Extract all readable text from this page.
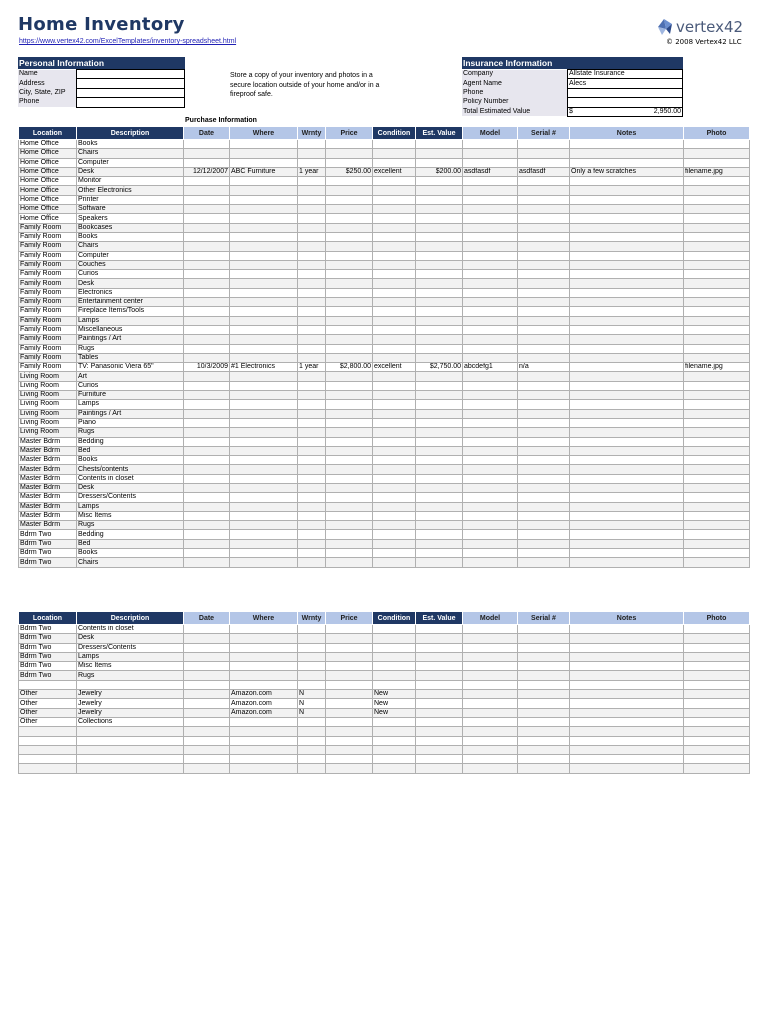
Home Inventory
https://www.vertex42.com/ExcelTemplates/inventory-spreadsheet.html
vertex42
© 2008 Vertex42 LLC
Personal Information	
Name	
Address	
City, State, ZIP	
Phone	
Store a copy of your inventory and photos in a secure location outside of your home and/or in a fireproof safe.
Insurance Information		
Company	Allstate Insurance	
Agent Name	Alecs	
Phone		
Policy Number		
Total Estimated Value	$	2,950.00
Purchase Information
Location	Description	Date	Where	Wrnty	Price	Condition	Est. Value	Model	Serial #	Notes	Photo
Home Office	Books										
Home Office	Chairs										
Home Office	Computer										
Home Office	Desk	12/12/2007	ABC Furniture	1 year	$250.00	excellent	$200.00	asdfasdf	asdfasdf	Only a few scratches	filename.jpg
Home Office	Monitor										
Home Office	Other Electronics										
Home Office	Printer										
Home Office	Software										
Home Office	Speakers										
Family Room	Bookcases										
Family Room	Books										
Family Room	Chairs										
Family Room	Computer										
Family Room	Couches										
Family Room	Curios										
Family Room	Desk										
Family Room	Electronics										
Family Room	Entertainment center										
Family Room	Fireplace Items/Tools										
Family Room	Lamps										
Family Room	Miscellaneous										
Family Room	Paintings / Art										
Family Room	Rugs										
Family Room	Tables										
Family Room	TV: Panasonic Viera 65"	10/3/2009	#1 Electronics	1 year	$2,800.00	excellent	$2,750.00	abcdefg1	n/a		filename.jpg
Living Room	Art										
Living Room	Curios										
Living Room	Furniture										
Living Room	Lamps										
Living Room	Paintings / Art										
Living Room	Piano										
Living Room	Rugs										
Master Bdrm	Bedding										
Master Bdrm	Bed										
Master Bdrm	Books										
Master Bdrm	Chests/contents										
Master Bdrm	Contents in closet										
Master Bdrm	Desk										
Master Bdrm	Dressers/Contents										
Master Bdrm	Lamps										
Master Bdrm	Misc Items										
Master Bdrm	Rugs										
Bdrm Two	Bedding										
Bdrm Two	Bed										
Bdrm Two	Books										
Bdrm Two	Chairs										
Location	Description	Date	Where	Wrnty	Price	Condition	Est. Value	Model	Serial #	Notes	Photo
Bdrm Two	Contents in closet										
Bdrm Two	Desk										
Bdrm Two	Dressers/Contents										
Bdrm Two	Lamps										
Bdrm Two	Misc Items										
Bdrm Two	Rugs										

Other	Jewelry		Amazon.com	N		New					
Other	Jewelry		Amazon.com	N		New					
Other	Jewelry		Amazon.com	N		New					
Other	Collections										
